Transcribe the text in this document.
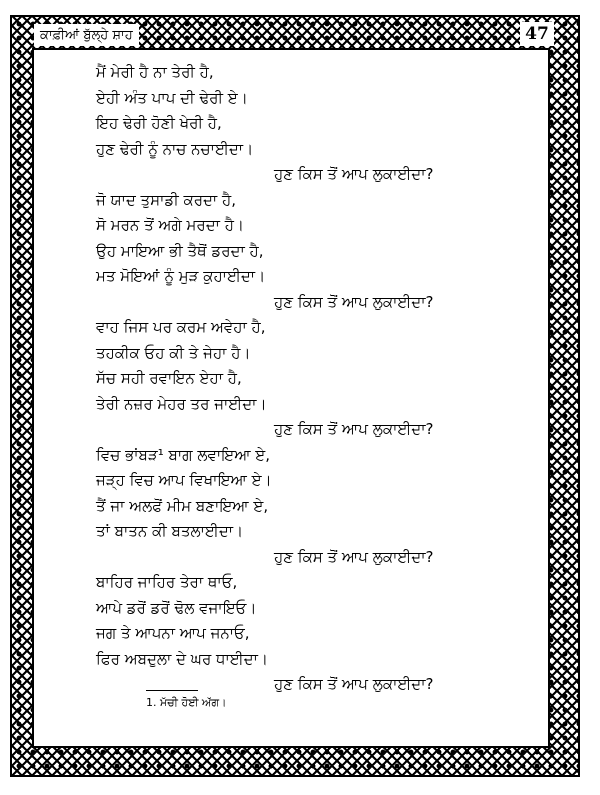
ਕਾਫ਼ੀਆਂ ਬੁੱਲ੍ਹੇ ਸ਼ਾਹ	47
ਮੈਂ ਮੇਰੀ ਹੈ ਨਾ ਤੇਰੀ ਹੈ,
ਏਹੀ ਅੰਤ ਪਾਪ ਦੀ ਢੇਰੀ ਏ।
ਇਹ ਢੇਰੀ ਹੋਣੀ ਖੇਰੀ ਹੈ,
ਹੁਣ ਢੇਰੀ ਨੂੰ ਨਾਚ ਨਚਾਈਦਾ।
ਹੁਣ ਕਿਸ ਤੋਂ ਆਪ ਲੁਕਾਈਦਾ?
ਜੋ ਯਾਦ ਤੁਸਾਡੀ ਕਰਦਾ ਹੈ,
ਸੋ ਮਰਨ ਤੋਂ ਅਗੇ ਮਰਦਾ ਹੈ।
ਉਹ ਮਾਇਆ ਭੀ ਤੈਥੋਂ ਡਰਦਾ ਹੈ,
ਮਤ ਮੋਇਆਂ ਨੂੰ ਮੁੜ ਕੁਹਾਈਦਾ।
ਹੁਣ ਕਿਸ ਤੋਂ ਆਪ ਲੁਕਾਈਦਾ?
ਵਾਹ ਜਿਸ ਪਰ ਕਰਮ ਅਵੇਹਾ ਹੈ,
ਤਹਕੀਕ ਓਹ ਕੀ ਤੇ ਜੇਹਾ ਹੈ।
ਸੱਚ ਸਹੀ ਰਵਾਇਨ ਏਹਾ ਹੈ,
ਤੇਰੀ ਨਜ਼ਰ ਮੇਹਰ ਤਰ ਜਾਈਦਾ।
ਹੁਣ ਕਿਸ ਤੋਂ ਆਪ ਲੁਕਾਈਦਾ?
ਵਿਚ ਭਾਂਬੜ¹ ਬਾਗ ਲਵਾਇਆ ਏ,
ਜੜ੍ਹ ਵਿਚ ਆਪ ਵਿਖਾਇਆ ਏ।
ਤੈਂ ਜਾ ਅਲਫੋਂ ਮੀਮ ਬਣਾਇਆ ਏ,
ਤਾਂ ਬਾਤਨ ਕੀ ਬਤਲਾਈਦਾ।
ਹੁਣ ਕਿਸ ਤੋਂ ਆਪ ਲੁਕਾਈਦਾ?
ਬਾਹਿਰ ਜਾਹਿਰ ਤੇਰਾ ਥਾਓ,
ਆਪੇ ਡਰੋਂ ਡਰੋਂ ਢੋਲ ਵਜਾਇਓ।
ਜਗ ਤੇ ਆਪਨਾ ਆਪ ਜਨਾਓ,
ਫਿਰ ਅਬਦੁਲਾ ਦੇ ਘਰ ਧਾਈਦਾ।
ਹੁਣ ਕਿਸ ਤੋਂ ਆਪ ਲੁਕਾਈਦਾ?
1. ਮੱਚੀ ਹੋਈ ਅੱਗ।
